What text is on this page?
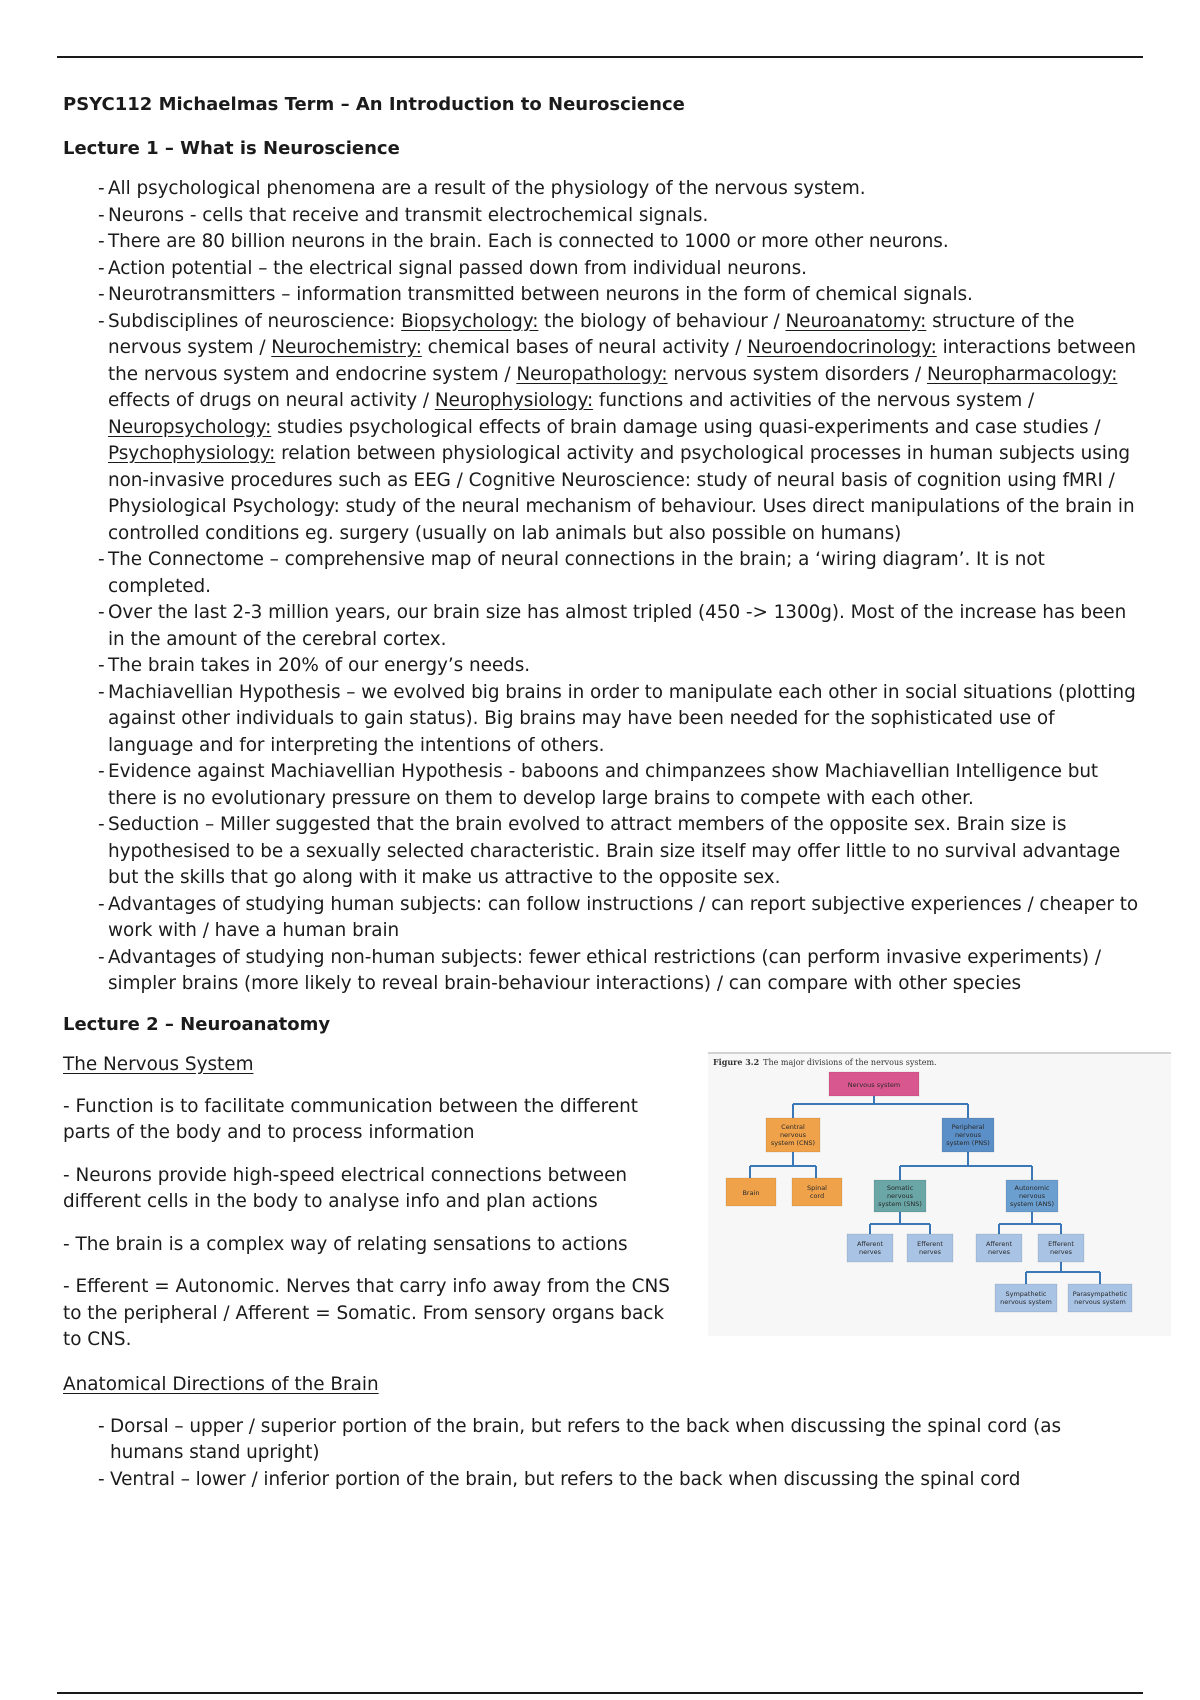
PSYC112 Michaelmas Term – An Introduction to Neuroscience
Lecture 1 – What is Neuroscience
- All psychological phenomena are a result of the physiology of the nervous system.
- Neurons - cells that receive and transmit electrochemical signals.
- There are 80 billion neurons in the brain. Each is connected to 1000 or more other neurons.
- Action potential – the electrical signal passed down from individual neurons.
- Neurotransmitters – information transmitted between neurons in the form of chemical signals.
- Subdisciplines of neuroscience: Biopsychology: the biology of behaviour / Neuroanatomy: structure of the nervous system / Neurochemistry: chemical bases of neural activity / Neuroendocrinology: interactions between the nervous system and endocrine system / Neuropathology: nervous system disorders / Neuropharmacology: effects of drugs on neural activity / Neurophysiology: functions and activities of the nervous system / Neuropsychology: studies psychological effects of brain damage using quasi-experiments and case studies / Psychophysiology: relation between physiological activity and psychological processes in human subjects using non-invasive procedures such as EEG / Cognitive Neuroscience: study of neural basis of cognition using fMRI / Physiological Psychology: study of the neural mechanism of behaviour. Uses direct manipulations of the brain in controlled conditions eg. surgery (usually on lab animals but also possible on humans)
- The Connectome – comprehensive map of neural connections in the brain; a ‘wiring diagram’. It is not completed.
- Over the last 2-3 million years, our brain size has almost tripled (450 -> 1300g). Most of the increase has been in the amount of the cerebral cortex.
- The brain takes in 20% of our energy’s needs.
- Machiavellian Hypothesis – we evolved big brains in order to manipulate each other in social situations (plotting against other individuals to gain status). Big brains may have been needed for the sophisticated use of language and for interpreting the intentions of others.
- Evidence against Machiavellian Hypothesis - baboons and chimpanzees show Machiavellian Intelligence but there is no evolutionary pressure on them to develop large brains to compete with each other.
- Seduction – Miller suggested that the brain evolved to attract members of the opposite sex. Brain size is hypothesised to be a sexually selected characteristic. Brain size itself may offer little to no survival advantage but the skills that go along with it make us attractive to the opposite sex.
- Advantages of studying human subjects: can follow instructions / can report subjective experiences / cheaper to work with / have a human brain
- Advantages of studying non-human subjects: fewer ethical restrictions (can perform invasive experiments) / simpler brains (more likely to reveal brain-behaviour interactions) / can compare with other species
Lecture 2 – Neuroanatomy
The Nervous System
- Function is to facilitate communication between the different parts of the body and to process information
- Neurons provide high-speed electrical connections between different cells in the body to analyse info and plan actions
- The brain is a complex way of relating sensations to actions
- Efferent = Autonomic. Nerves that carry info away from the CNS to the peripheral / Afferent = Somatic. From sensory organs back to CNS.
Figure 3.2 The major divisions of the nervous system.
Nervous system
Central
nervous
system (CNS)
Peripheral
nervous
system (PNS)
Brain
Spinal
cord
Somatic
nervous
system (SNS)
Autonomic
nervous
system (ANS)
Afferent
nerves
Efferent
nerves
Afferent
nerves
Efferent
nerves
Sympathetic
nervous system
Parasympathetic
nervous system
Anatomical Directions of the Brain
- Dorsal – upper / superior portion of the brain, but refers to the back when discussing the spinal cord (as humans stand upright)
- Ventral – lower / inferior portion of the brain, but refers to the back when discussing the spinal cord
